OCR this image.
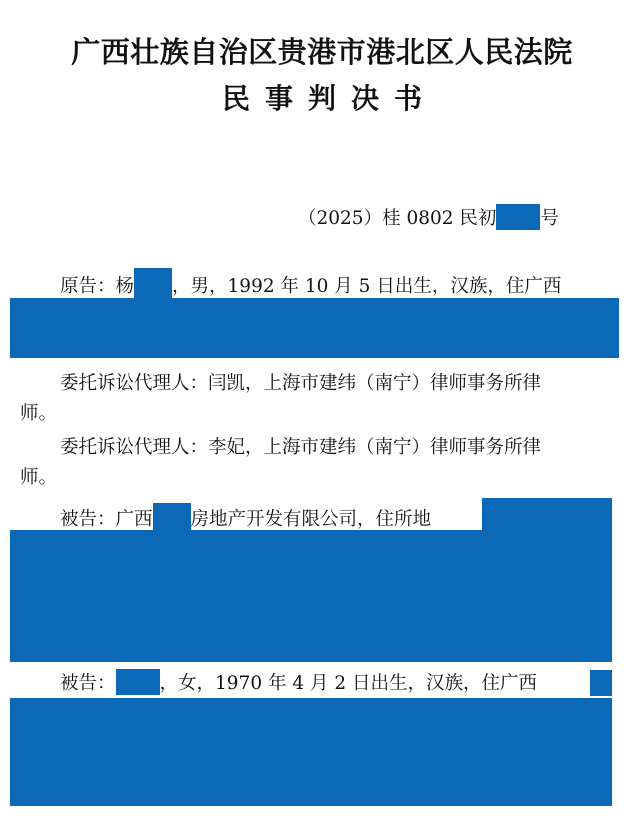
广西壮族自治区贵港市港北区人民法院
民事判决书
（2025）桂 0802 民初 号
原告：杨 ，男，1992 年 10 月 5 日出生，汉族，住广西
委托诉讼代理人：闫凯，上海市建纬（南宁）律师事务所律
师。
委托诉讼代理人：李妃，上海市建纬（南宁）律师事务所律
师。
被告：广西 房地产开发有限公司，住所地
被告： ，女，1970 年 4 月 2 日出生，汉族，住广西
